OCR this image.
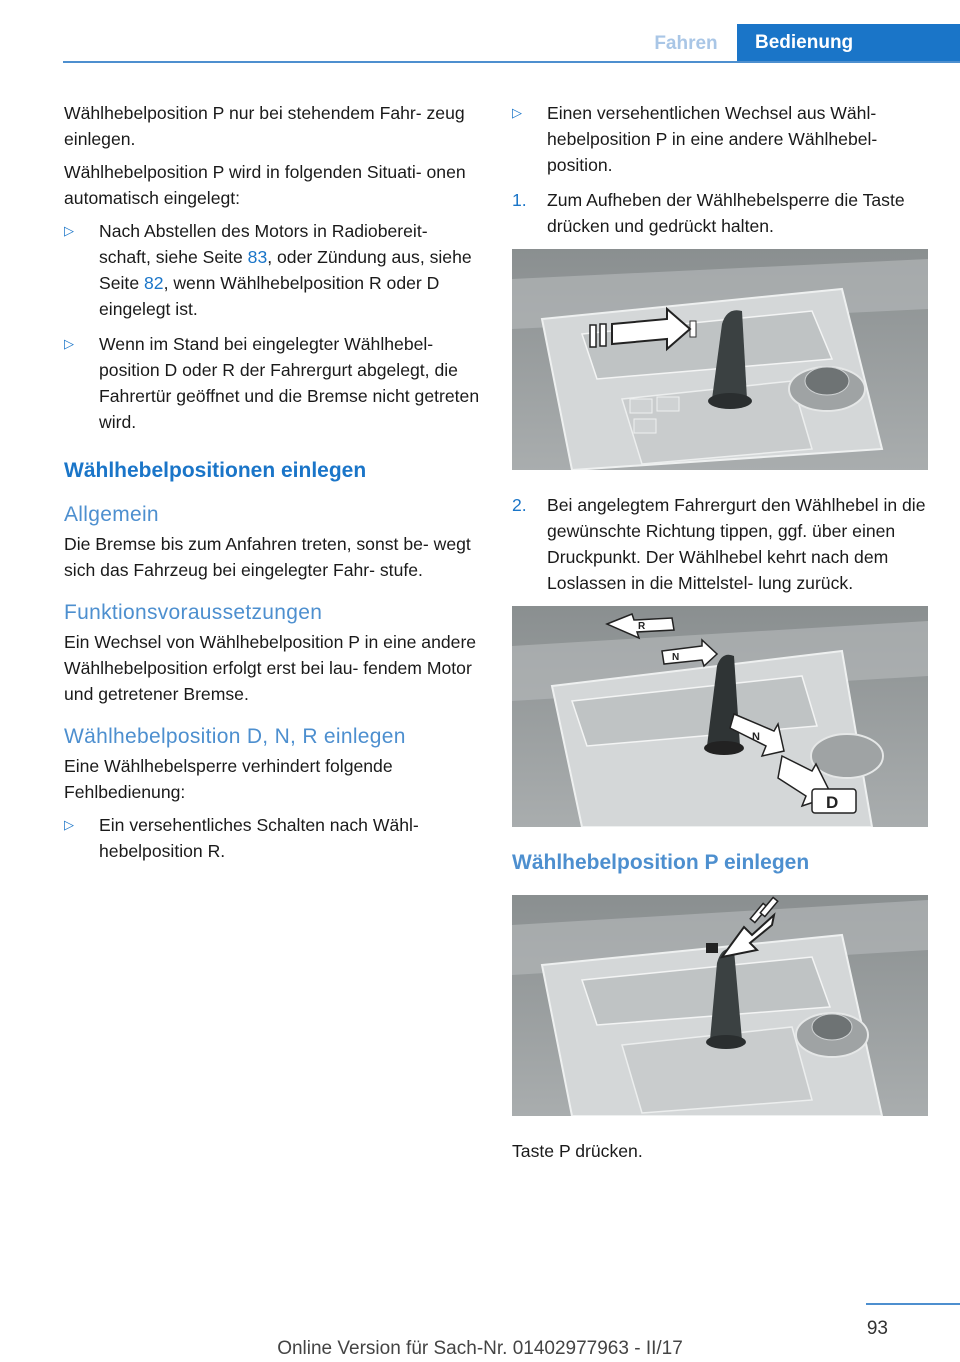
Fahren	Bedienung

Wählhebelposition P nur bei stehendem Fahr‐ zeug einlegen.

Wählhebelposition P wird in folgenden Situati‐ onen automatisch eingelegt:

▷ Nach Abstellen des Motors in Radiobereit‐ schaft, siehe Seite 83, oder Zündung aus, siehe Seite 82, wenn Wählhebelposition R oder D eingelegt ist.
▷ Wenn im Stand bei eingelegter Wählhebel‐ position D oder R der Fahrergurt abgelegt, die Fahrertür geöffnet und die Bremse nicht getreten wird.
Wählhebelpositionen einlegen
Allgemein

Die Bremse bis zum Anfahren treten, sonst be‐ wegt sich das Fahrzeug bei eingelegter Fahr‐ stufe.

Funktionsvoraussetzungen

Ein Wechsel von Wählhebelposition P in eine andere Wählhebelposition erfolgt erst bei lau‐ fendem Motor und getretener Bremse.

Wählhebelposition D, N, R einlegen

Eine Wählhebelsperre verhindert folgende Fehlbedienung:

▷ Ein versehentliches Schalten nach Wähl‐ hebelposition R.
▷ Einen versehentlichen Wechsel aus Wähl‐ hebelposition P in eine andere Wählhebel‐ position.
1. Zum Aufheben der Wählhebelsperre die Taste drücken und gedrückt halten.
2. Bei angelegtem Fahrergurt den Wählhebel in die gewünschte Richtung tippen, ggf. über einen Druckpunkt. Der Wählhebel kehrt nach dem Loslassen in die Mittelstel‐ lung zurück.
R
N
N
D
Wählhebelposition P einlegen

Taste P drücken.

93
Online Version für Sach-Nr. 01402977963 - II/17
